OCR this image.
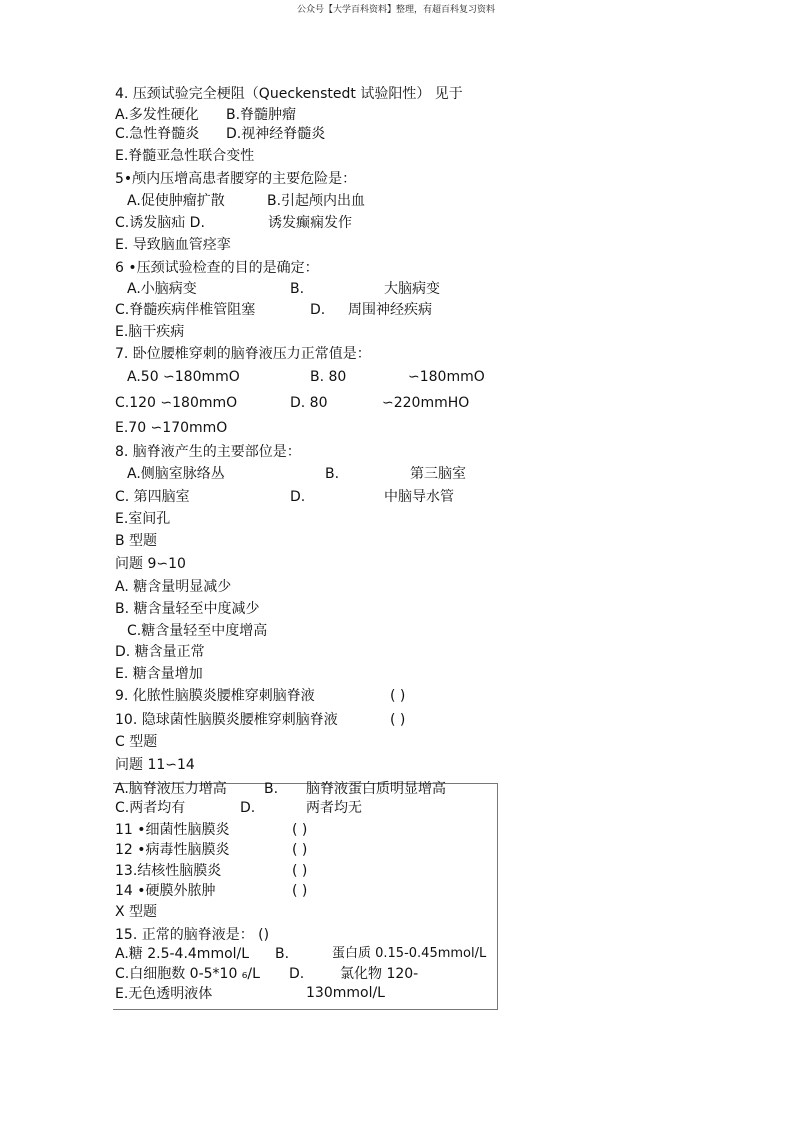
公众号【大学百科资料】整理，有超百科复习资料
4. 压颈试验完全梗阻（Queckenstedt 试验阳性） 见于
A.多发性硬化 B.脊髓肿瘤
C.急性脊髓炎 D.视神经脊髓炎
E.脊髓亚急性联合变性
5•颅内压增高患者腰穿的主要危险是：
A.促使肿瘤扩散	B.引起颅内出血
C.诱发脑疝 D.	诱发癫痫发作
E. 导致脑血管痉挛
6 •压颈试验检查的目的是确定：
A.小脑病变	B.	大脑病变
C.脊髓疾病伴椎管阻塞	D. 周围神经疾病
E.脑干疾病
7. 卧位腰椎穿刺的脑脊液压力正常值是：
A.50 ∽180mmO	B. 80	∽180mmO
C.120 ∽180mmO	D. 80	∽220mmHO
E.70 ∽170mmO
8. 脑脊液产生的主要部位是：
A.侧脑室脉络丛	B.	第三脑室
C. 第四脑室	D.	中脑导水管
E.室间孔
B 型题
问题 9∽10
A. 糖含量明显减少
B. 糖含量轻至中度减少
C.糖含量轻至中度增高
D. 糖含量正常
E. 糖含量增加
9. 化脓性脑膜炎腰椎穿刺脑脊液	( )
10. 隐球菌性脑膜炎腰椎穿刺脑脊液	( )
C 型题
问题 11∽14
A.脑脊液压力增高	B. 脑脊液蛋白质明显增高
C.两者均有	D.	两者均无
11 •细菌性脑膜炎	( )
12 •病毒性脑膜炎	( )
13.结核性脑膜炎	( )
14 •硬膜外脓肿	( )
X 型题
15. 正常的脑脊液是： ()
A.糖 2.5-4.4mmol/L B.	蛋白质 0.15-0.45mmol/L
C.白细胞数 0-5*10 ₆/L D.	氯化物 120-
E.无色透明液体	130mmol/L
